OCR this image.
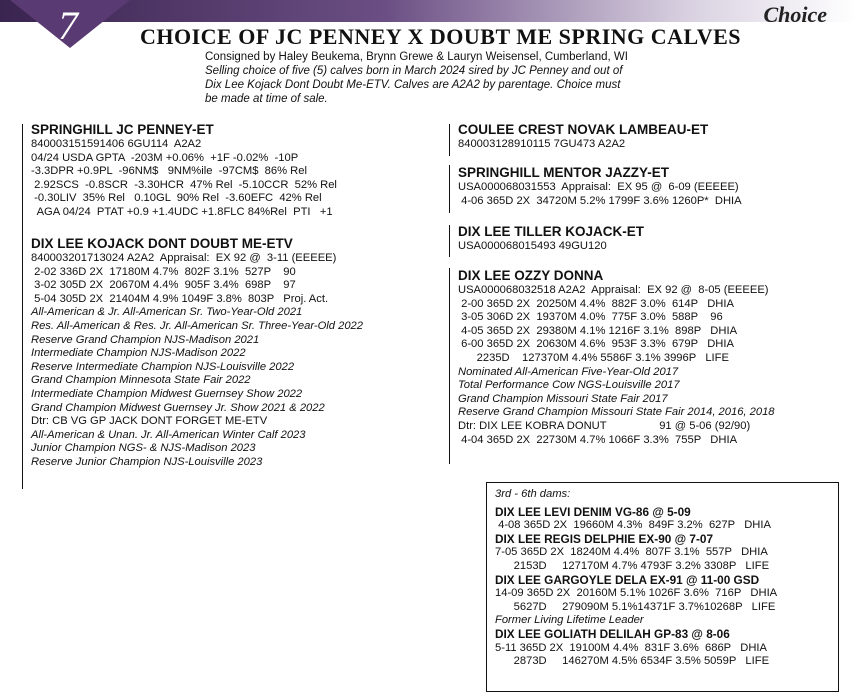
7	Choice
CHOICE OF JC PENNEY X DOUBT ME SPRING CALVES
Consigned by Haley Beukema, Brynn Grewe & Lauryn Weisensel, Cumberland, WI
Selling choice of five (5) calves born in March 2024 sired by JC Penney and out of
Dix Lee Kojack Dont Doubt Me-ETV. Calves are A2A2 by parentage. Choice must
be made at time of sale.
SPRINGHILL JC PENNEY-ET
840003151591406 6GU114  A2A2
04/24 USDA GPTA  -203M +0.06%  +1F -0.02%  -10P
-3.3DPR +0.9PL  -96NM$   9NM%ile  -97CM$  86% Rel
2.92SCS  -0.8SCR  -3.30HCR  47% Rel  -5.10CCR  52% Rel
-0.30LIV  35% Rel   0.10GL  90% Rel  -3.60EFC  42% Rel
AGA 04/24  PTAT +0.9 +1.4UDC +1.8FLC 84%Rel  PTI   +1
DIX LEE KOJACK DONT DOUBT ME-ETV
840003201713024 A2A2  Appraisal:  EX 92 @  3-11 (EEEEE)
2-02 336D 2X  17180M 4.7%  802F 3.1%  527P    90
3-02 305D 2X  20670M 4.4%  905F 3.4%  698P    97
5-04 305D 2X  21404M 4.9% 1049F 3.8%  803P   Proj. Act.
All-American & Jr. All-American Sr. Two-Year-Old 2021
Res. All-American & Res. Jr. All-American Sr. Three-Year-Old 2022
Reserve Grand Champion NJS-Madison 2021
Intermediate Champion NJS-Madison 2022
Reserve Intermediate Champion NJS-Louisville 2022
Grand Champion Minnesota State Fair 2022
Intermediate Champion Midwest Guernsey Show 2022
Grand Champion Midwest Guernsey Jr. Show 2021 & 2022
Dtr: CB VG GP JACK DONT FORGET ME-ETV
All-American & Unan. Jr. All-American Winter Calf 2023
Junior Champion NGS- & NJS-Madison 2023
Reserve Junior Champion NJS-Louisville 2023
COULEE CREST NOVAK LAMBEAU-ET
840003128910115 7GU473 A2A2
SPRINGHILL MENTOR JAZZY-ET
USA000068031553  Appraisal:  EX 95 @  6-09 (EEEEE)
4-06 365D 2X  34720M 5.2% 1799F 3.6% 1260P*  DHIA
DIX LEE TILLER KOJACK-ET
USA000068015493 49GU120
DIX LEE OZZY DONNA
USA000068032518 A2A2  Appraisal:  EX 92 @  8-05 (EEEEE)
2-00 365D 2X  20250M 4.4%  882F 3.0%  614P   DHIA
3-05 306D 2X  19370M 4.0%  775F 3.0%  588P    96
4-05 365D 2X  29380M 4.1% 1216F 3.1%  898P   DHIA
6-00 365D 2X  20630M 4.6%  953F 3.3%  679P   DHIA
2235D    127370M 4.4% 5586F 3.1% 3996P   LIFE
Nominated All-American Five-Year-Old 2017
Total Performance Cow NGS-Louisville 2017
Grand Champion Missouri State Fair 2017
Reserve Grand Champion Missouri State Fair 2014, 2016, 2018
Dtr: DIX LEE KOBRA DONUT                 91 @ 5-06 (92/90)
4-04 365D 2X  22730M 4.7% 1066F 3.3%  755P   DHIA
3rd - 6th dams:
DIX LEE LEVI DENIM VG-86 @ 5-09
4-08 365D 2X  19660M 4.3%  849F 3.2%  627P   DHIA
DIX LEE REGIS DELPHIE EX-90 @ 7-07
7-05 365D 2X  18240M 4.4%  807F 3.1%  557P   DHIA
2153D     127170M 4.7% 4793F 3.2% 3308P   LIFE
DIX LEE GARGOYLE DELA EX-91 @ 11-00 GSD
14-09 365D 2X  20160M 5.1% 1026F 3.6%  716P   DHIA
5627D     279090M 5.1%14371F 3.7%10268P   LIFE
Former Living Lifetime Leader
DIX LEE GOLIATH DELILAH GP-83 @ 8-06
5-11 365D 2X  19100M 4.4%  831F 3.6%  686P   DHIA
2873D     146270M 4.5% 6534F 3.5% 5059P   LIFE
